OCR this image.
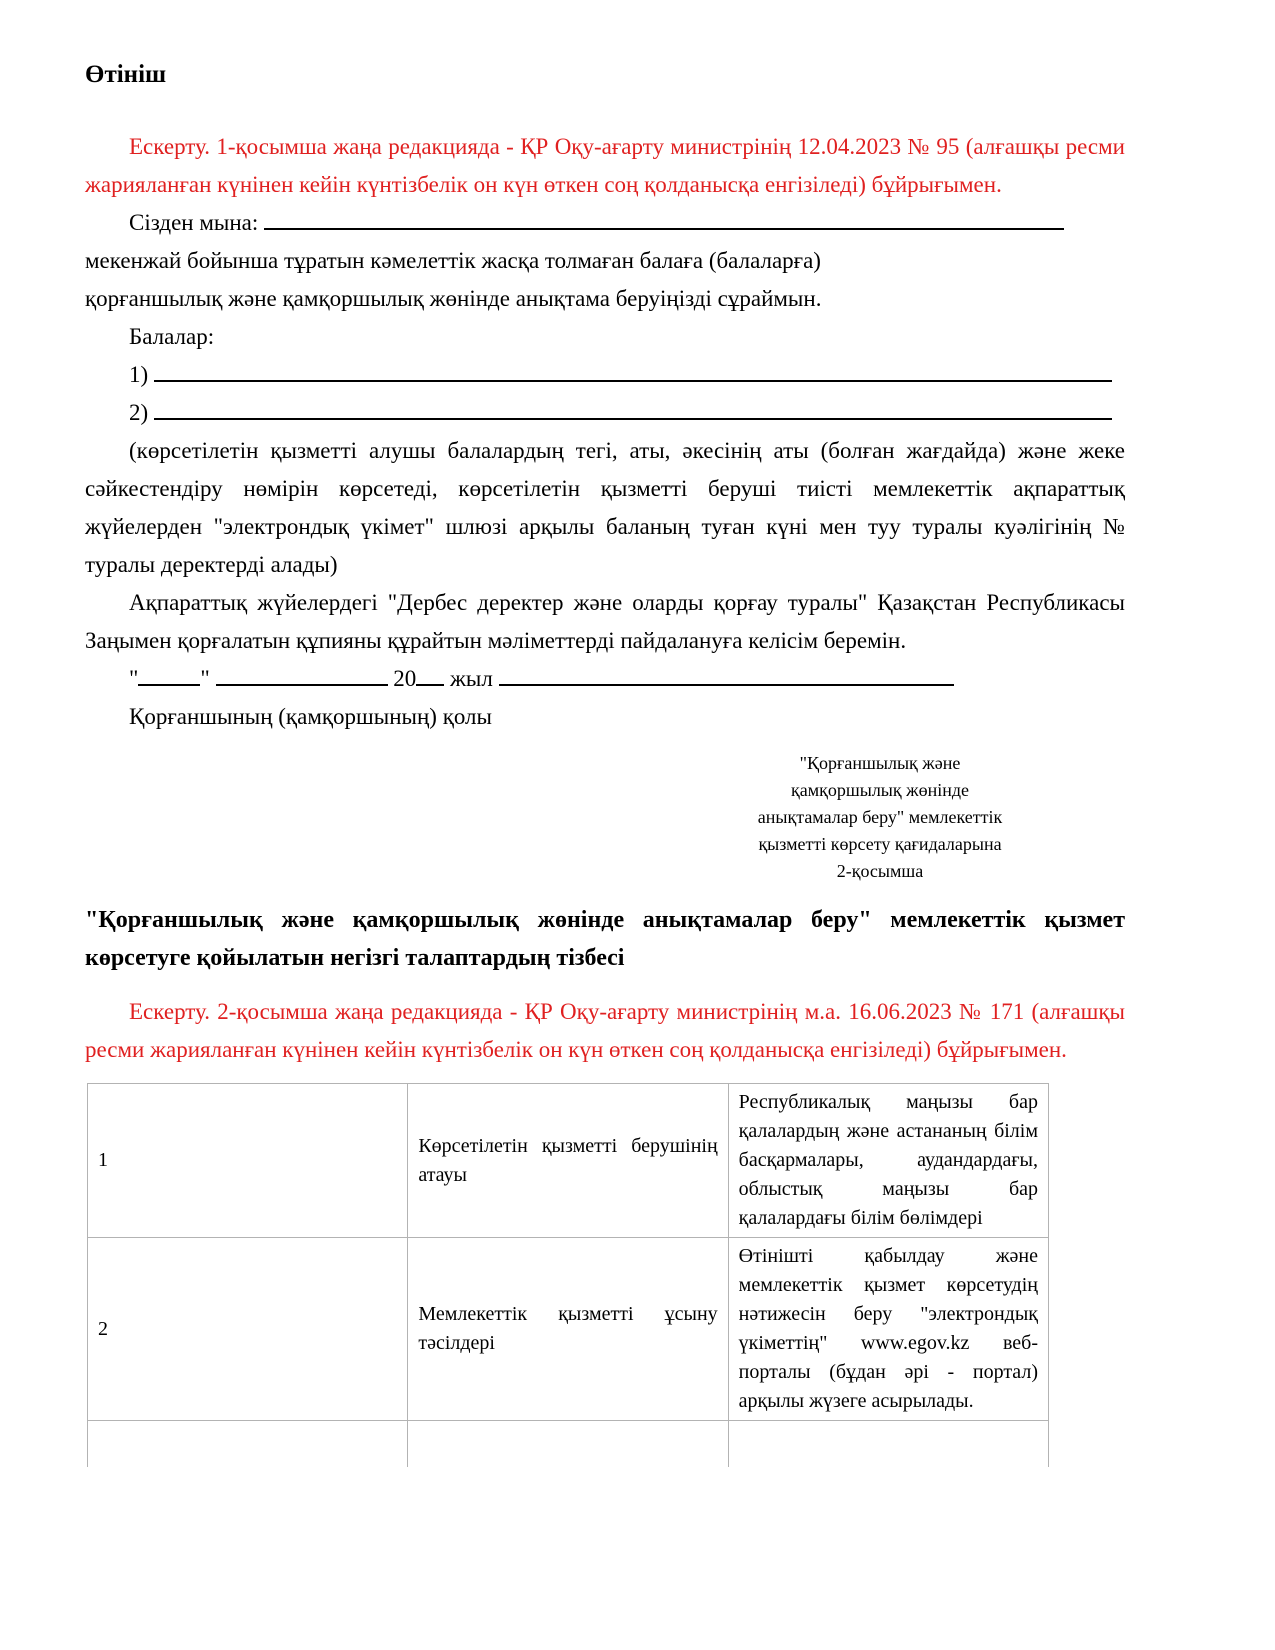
Өтініш

Ескерту. 1-қосымша жаңа редакцияда - ҚР Оқу-ағарту министрінің 12.04.2023 № 95 (алғашқы ресми жарияланған күнінен кейін күнтізбелік он күн өткен соң қолданысқа енгізіледі) бұйрығымен.

Сізден мына:

мекенжай бойынша тұратын кәмелеттік жасқа толмаған балаға (балаларға)

қорғаншылық және қамқоршылық жөнінде анықтама беруіңізді сұраймын.

Балалар:

1)

2)

(көрсетілетін қызметті алушы балалардың тегі, аты, әкесінің аты (болған жағдайда) және жеке сәйкестендіру нөмірін көрсетеді, көрсетілетін қызметті беруші тиісті мемлекеттік ақпараттық жүйелерден "электрондық үкімет" шлюзі арқылы баланың туған күні мен туу туралы куәлігінің № туралы деректерді алады)

Ақпараттық жүйелердегі "Дербес деректер және оларды қорғау туралы" Қазақстан Республикасы Заңымен қорғалатын құпияны құрайтын мәліметтерді пайдалануға келісім беремін.

"	"	20 жыл

Қорғаншының (қамқоршының) қолы

"Қорғаншылық және
қамқоршылық жөнінде
анықтамалар беру" мемлекеттік
қызметті көрсету қағидаларына
2-қосымша

"Қорғаншылық және қамқоршылық жөнінде анықтамалар беру" мемлекеттік қызмет көрсетуге қойылатын негізгі талаптардың тізбесі

Ескерту. 2-қосымша жаңа редакцияда - ҚР Оқу-ағарту министрінің м.а. 16.06.2023 № 171 (алғашқы ресми жарияланған күнінен кейін күнтізбелік он күн өткен соң қолданысқа енгізіледі) бұйрығымен.

1	Көрсетілетін қызметті берушінің атауы	Республикалық маңызы бар қалалардың және астананың білім басқармалары, аудандардағы, облыстық маңызы бар қалалардағы білім бөлімдері
2	Мемлекеттік қызметті ұсыну тәсілдері	Өтінішті қабылдау және мемлекеттік қызмет көрсетудің нәтижесін беру "электрондық үкіметтің" www.egov.kz веб-порталы (бұдан әрі - портал) арқылы жүзеге асырылады.
